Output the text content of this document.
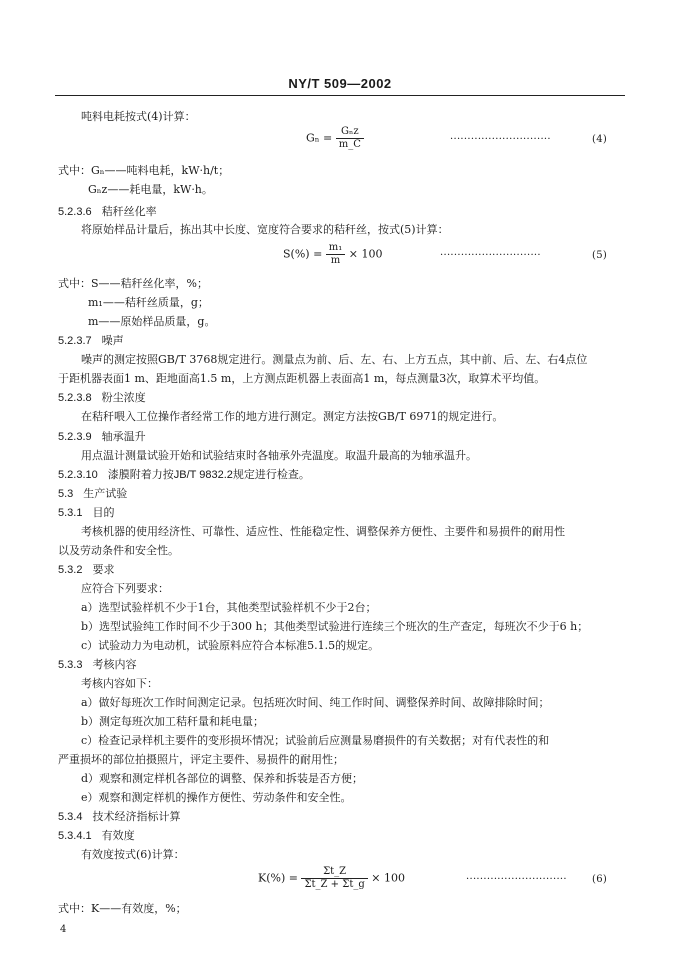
NY/T 509—2002
吨料电耗按式(4)计算：
$G_n = \frac{\text{Gₙz}}{m\_C}$	·····························	(4)
式中：Gₙ——吨料电耗，kW·h/t；
Gₙz——耗电量，kW·h。
5.2.3.6 秸秆丝化率
将原始样品计量后，拣出其中长度、宽度符合要求的秸秆丝，按式(5)计算：
$S(\%) = \frac{\text{m₁}}{m} \times 100$	·····························	(5)
式中：S——秸秆丝化率，%；
m₁——秸秆丝质量，g；
m——原始样品质量，g。
5.2.3.7 噪声
噪声的测定按照GB/T 3768规定进行。测量点为前、后、左、右、上方五点，其中前、后、左、右4点位
于距机器表面1 m、距地面高1.5 m，上方测点距机器上表面高1 m，每点测量3次，取算术平均值。
5.2.3.8 粉尘浓度
在秸秆喂入工位操作者经常工作的地方进行测定。测定方法按GB/T 6971的规定进行。
5.2.3.9 轴承温升
用点温计测量试验开始和试验结束时各轴承外壳温度。取温升最高的为轴承温升。
5.2.3.10 漆膜附着力按JB/T 9832.2规定进行检查。
5.3 生产试验
5.3.1 目的
考核机器的使用经济性、可靠性、适应性、性能稳定性、调整保养方便性、主要件和易损件的耐用性
以及劳动条件和安全性。
5.3.2 要求
应符合下列要求：
a）选型试验样机不少于1台，其他类型试验样机不少于2台；
b）选型试验纯工作时间不少于300 h；其他类型试验进行连续三个班次的生产查定，每班次不少于6 h；
c）试验动力为电动机，试验原料应符合本标准5.1.5的规定。
5.3.3 考核内容
考核内容如下：
a）做好每班次工作时间测定记录。包括班次时间、纯工作时间、调整保养时间、故障排除时间；
b）测定每班次加工秸秆量和耗电量；
c）检查记录样机主要件的变形损坏情况；试验前后应测量易磨损件的有关数据；对有代表性的和
严重损坏的部位拍摄照片，评定主要件、易损件的耐用性；
d）观察和测定样机各部位的调整、保养和拆装是否方便；
e）观察和测定样机的操作方便性、劳动条件和安全性。
5.3.4 技术经济指标计算
5.3.4.1 有效度
有效度按式(6)计算：
$K(\%) = \frac{\Sigma t\_Z}{\Sigma t\_Z + \Sigma t\_g} \times 100$	·····························	(6)
式中：K——有效度，%；
4
